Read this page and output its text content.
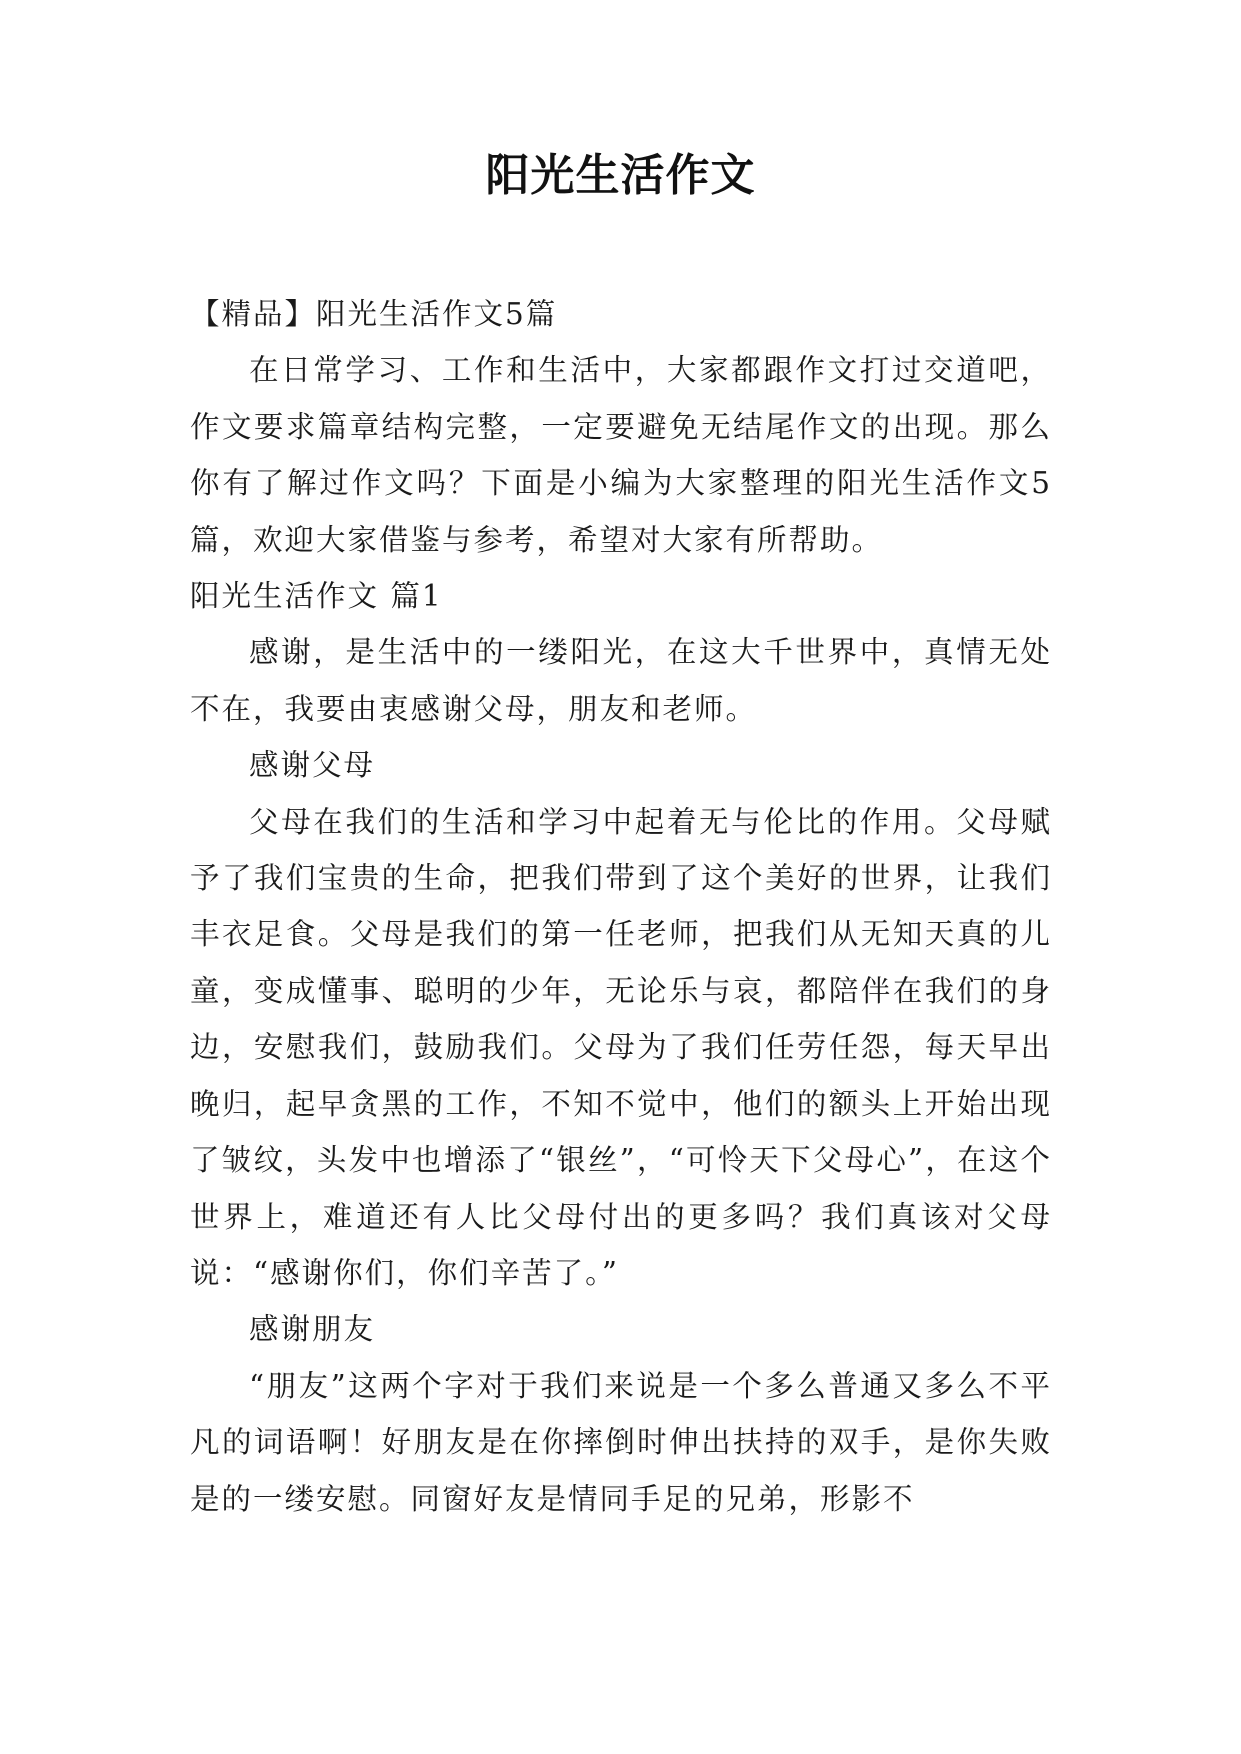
阳光生活作文

【精品】阳光生活作文5篇

在日常学习、工作和生活中，大家都跟作文打过交道吧，作文要求篇章结构完整，一定要避免无结尾作文的出现。那么你有了解过作文吗？下面是小编为大家整理的阳光生活作文5篇，欢迎大家借鉴与参考，希望对大家有所帮助。

阳光生活作文 篇1

感谢，是生活中的一缕阳光，在这大千世界中，真情无处不在，我要由衷感谢父母，朋友和老师。

感谢父母

父母在我们的生活和学习中起着无与伦比的作用。父母赋予了我们宝贵的生命，把我们带到了这个美好的世界，让我们丰衣足食。父母是我们的第一任老师，把我们从无知天真的儿童，变成懂事、聪明的少年，无论乐与哀，都陪伴在我们的身边，安慰我们，鼓励我们。父母为了我们任劳任怨，每天早出晚归，起早贪黑的工作，不知不觉中，他们的额头上开始出现了皱纹，头发中也增添了“银丝”，“可怜天下父母心”，在这个世界上，难道还有人比父母付出的更多吗？我们真该对父母说：“感谢你们，你们辛苦了。”

感谢朋友

“朋友”这两个字对于我们来说是一个多么普通又多么不平凡的词语啊！好朋友是在你摔倒时伸出扶持的双手，是你失败是的一缕安慰。同窗好友是情同手足的兄弟，形影不
